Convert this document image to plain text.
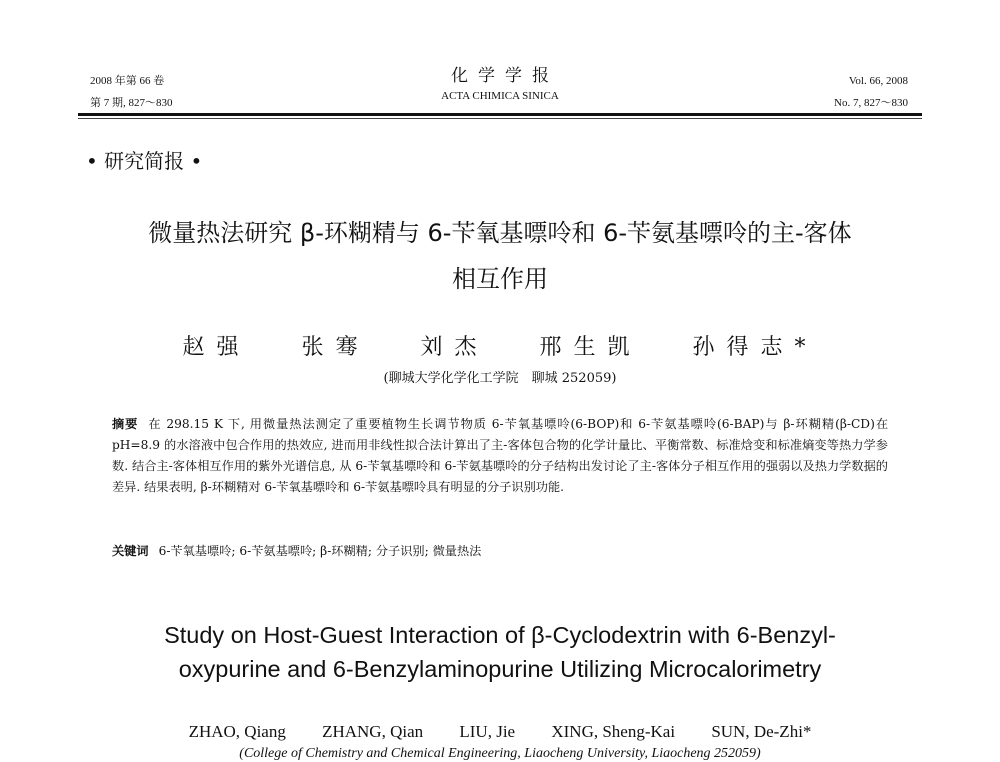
2008 年第 66 卷
第 7 期, 827～830
化学学报
ACTA CHIMICA SINICA
Vol. 66, 2008
No. 7, 827～830
• 研究简报 •
微量热法研究 β-环糊精与 6-苄氧基嘌呤和 6-苄氨基嘌呤的主-客体
相互作用
赵强 张骞 刘杰 邢生凯 孙得志*
(聊城大学化学化工学院　聊城 252059)
摘要 在 298.15 K 下, 用微量热法测定了重要植物生长调节物质 6-苄氧基嘌呤(6-BOP)和 6-苄氨基嘌呤(6-BAP)与 β-环糊精(β-CD)在 pH=8.9 的水溶液中包合作用的热效应, 进而用非线性拟合法计算出了主-客体包合物的化学计量比、平衡常数、标准焓变和标准熵变等热力学参数. 结合主-客体相互作用的紫外光谱信息, 从 6-苄氧基嘌呤和 6-苄氨基嘌呤的分子结构出发讨论了主-客体分子相互作用的强弱以及热力学数据的差异. 结果表明, β-环糊精对 6-苄氧基嘌呤和 6-苄氨基嘌呤具有明显的分子识别功能.
关键词 6-苄氧基嘌呤; 6-苄氨基嘌呤; β-环糊精; 分子识别; 微量热法
Study on Host-Guest Interaction of β-Cyclodextrin with 6-Benzyl-
oxypurine and 6-Benzylaminopurine Utilizing Microcalorimetry
ZHAO, Qiang ZHANG, Qian LIU, Jie XING, Sheng-Kai SUN, De-Zhi*
(College of Chemistry and Chemical Engineering, Liaocheng University, Liaocheng 252059)
